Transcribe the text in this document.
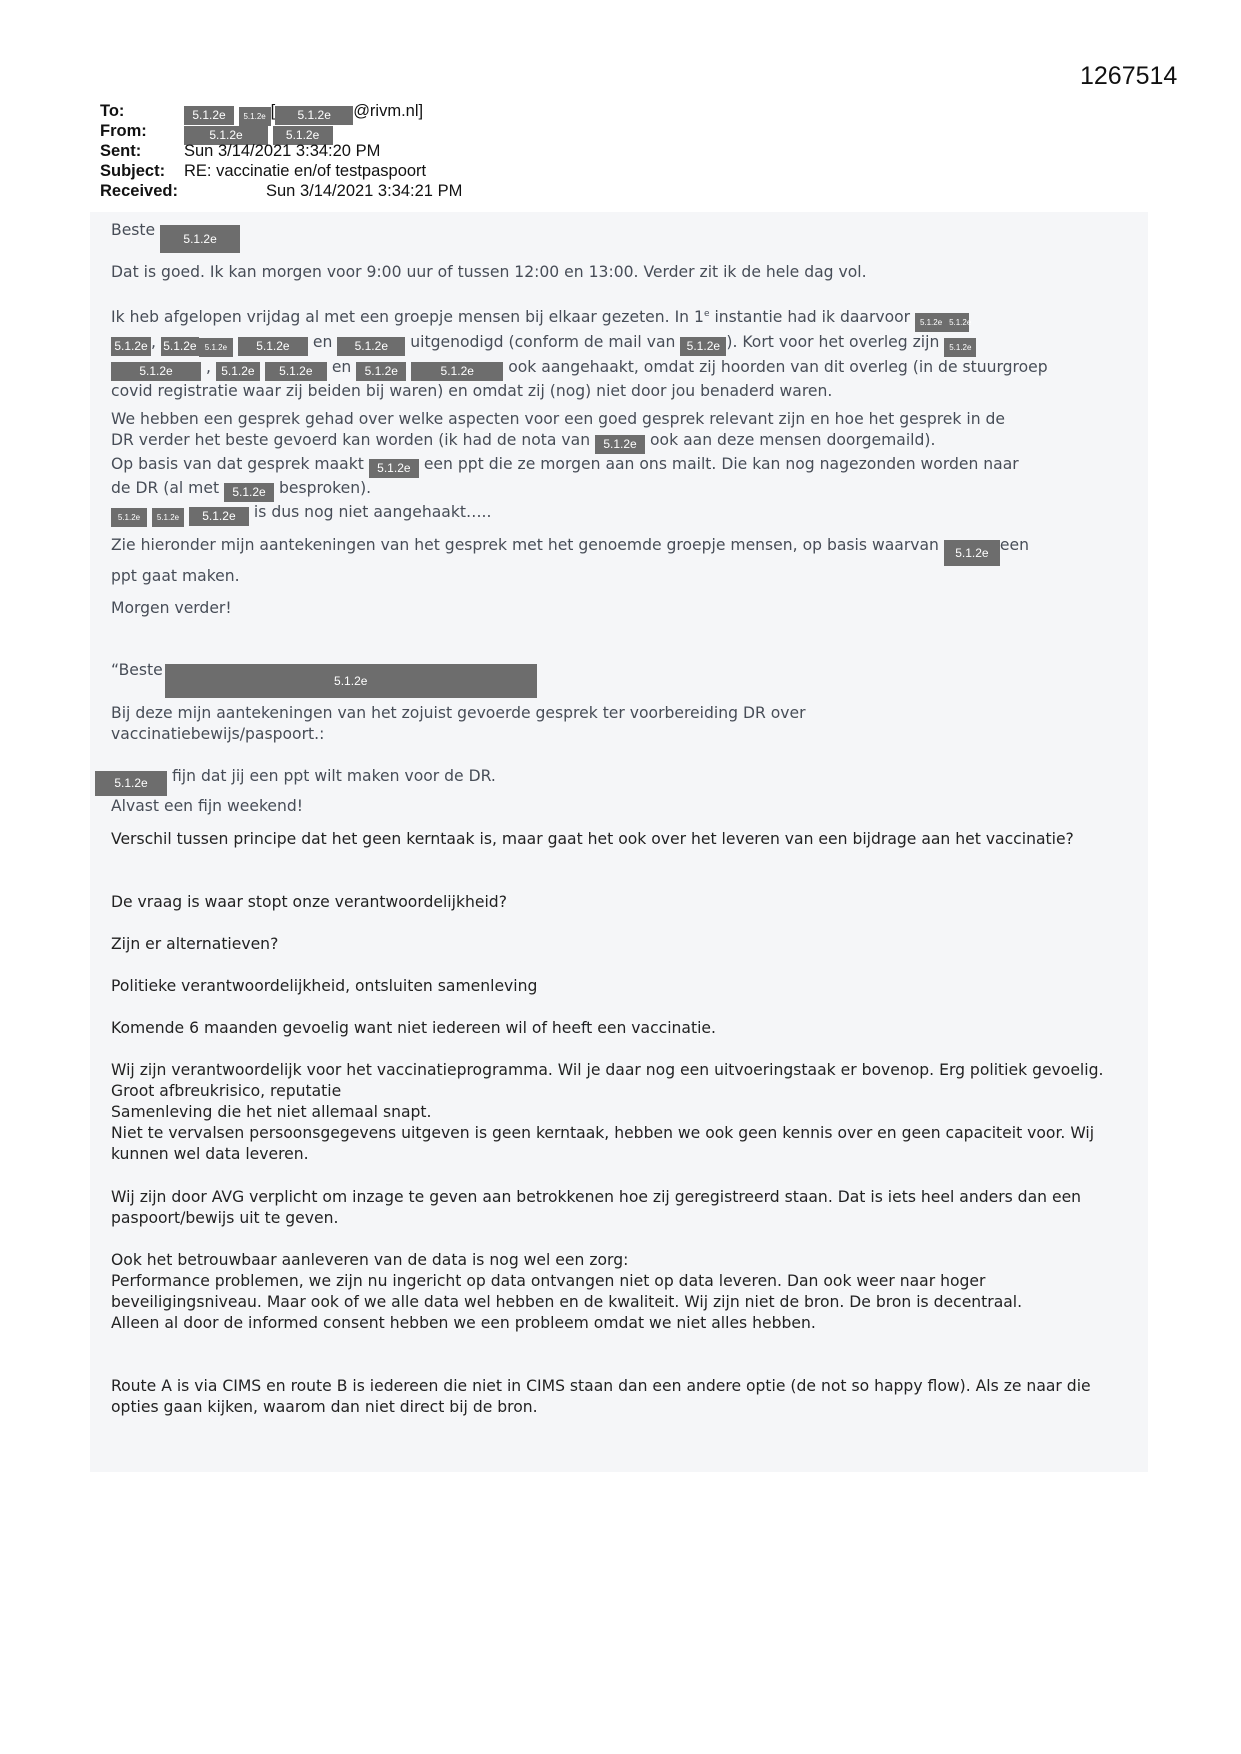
1267514
To:	5.1.2e 5.1.2e [ 5.1.2e @rivm.nl]
From:	5.1.2e	5.1.2e
Sent:	Sun 3/14/2021 3:34:20 PM
Subject: RE: vaccinatie en/of testpaspoort
Received:	Sun 3/14/2021 3:34:21 PM
Beste 5.1.2e
Dat is goed. Ik kan morgen voor 9:00 uur of tussen 12:00 en 13:00. Verder zit ik de hele dag vol.

Ik heb afgelopen vrijdag al met een groepje mensen bij elkaar gezeten. In 1e instantie had ik daarvoor 5.1.2e 5.1.2e

5.1.2e , 5.1.2e 5.1.2e 5.1.2e en 5.1.2e uitgenodigd (conform de mail van 5.1.2e ). Kort voor het overleg zijn 5.1.2e

5.1.2e , 5.1.2e 5.1.2e en 5.1.2e	5.1.2e ook aangehaakt, omdat zij hoorden van dit overleg (in de stuurgroep

covid registratie waar zij beiden bij waren) en omdat zij (nog) niet door jou benaderd waren.

We hebben een gesprek gehad over welke aspecten voor een goed gesprek relevant zijn en hoe het gesprek in de

DR verder het beste gevoerd kan worden (ik had de nota van 5.1.2e ook aan deze mensen doorgemaild).

Op basis van dat gesprek maakt 5.1.2e een ppt die ze morgen aan ons mailt. Die kan nog nagezonden worden naar

de DR (al met 5.1.2e besproken).

5.1.2e 5.1.2e 5.1.2e is dus nog niet aangehaakt…..

Zie hieronder mijn aantekeningen van het gesprek met het genoemde groepje mensen, op basis waarvan 5.1.2e een

ppt gaat maken.

Morgen verder!
“Beste5.1.2e

Bij deze mijn aantekeningen van het zojuist gevoerde gesprek ter voorbereiding DR over

vaccinatiebewijs/paspoort.:

5.1.2e fijn dat jij een ppt wilt maken voor de DR.

Alvast een fijn weekend!

Verschil tussen principe dat het geen kerntaak is, maar gaat het ook over het leveren van een bijdrage aan het vaccinatie?
De vraag is waar stopt onze verantwoordelijkheid?
Zijn er alternatieven?
Politieke verantwoordelijkheid, ontsluiten samenleving
Komende 6 maanden gevoelig want niet iedereen wil of heeft een vaccinatie.

Wij zijn verantwoordelijk voor het vaccinatieprogramma. Wil je daar nog een uitvoeringstaak er bovenop. Erg politiek gevoelig. Groot afbreukrisico, reputatie

Samenleving die het niet allemaal snapt.

Niet te vervalsen persoonsgegevens uitgeven is geen kerntaak, hebben we ook geen kennis over en geen capaciteit voor. Wij kunnen wel data leveren.

Wij zijn door AVG verplicht om inzage te geven aan betrokkenen hoe zij geregistreerd staan. Dat is iets heel anders dan een paspoort/bewijs uit te geven.

Ook het betrouwbaar aanleveren van de data is nog wel een zorg:

Performance problemen, we zijn nu ingericht op data ontvangen niet op data leveren. Dan ook weer naar hoger beveiligingsniveau. Maar ook of we alle data wel hebben en de kwaliteit. Wij zijn niet de bron. De bron is decentraal.

Alleen al door de informed consent hebben we een probleem omdat we niet alles hebben.

Route A is via CIMS en route B is iedereen die niet in CIMS staan dan een andere optie (de not so happy flow). Als ze naar die opties gaan kijken, waarom dan niet direct bij de bron.
